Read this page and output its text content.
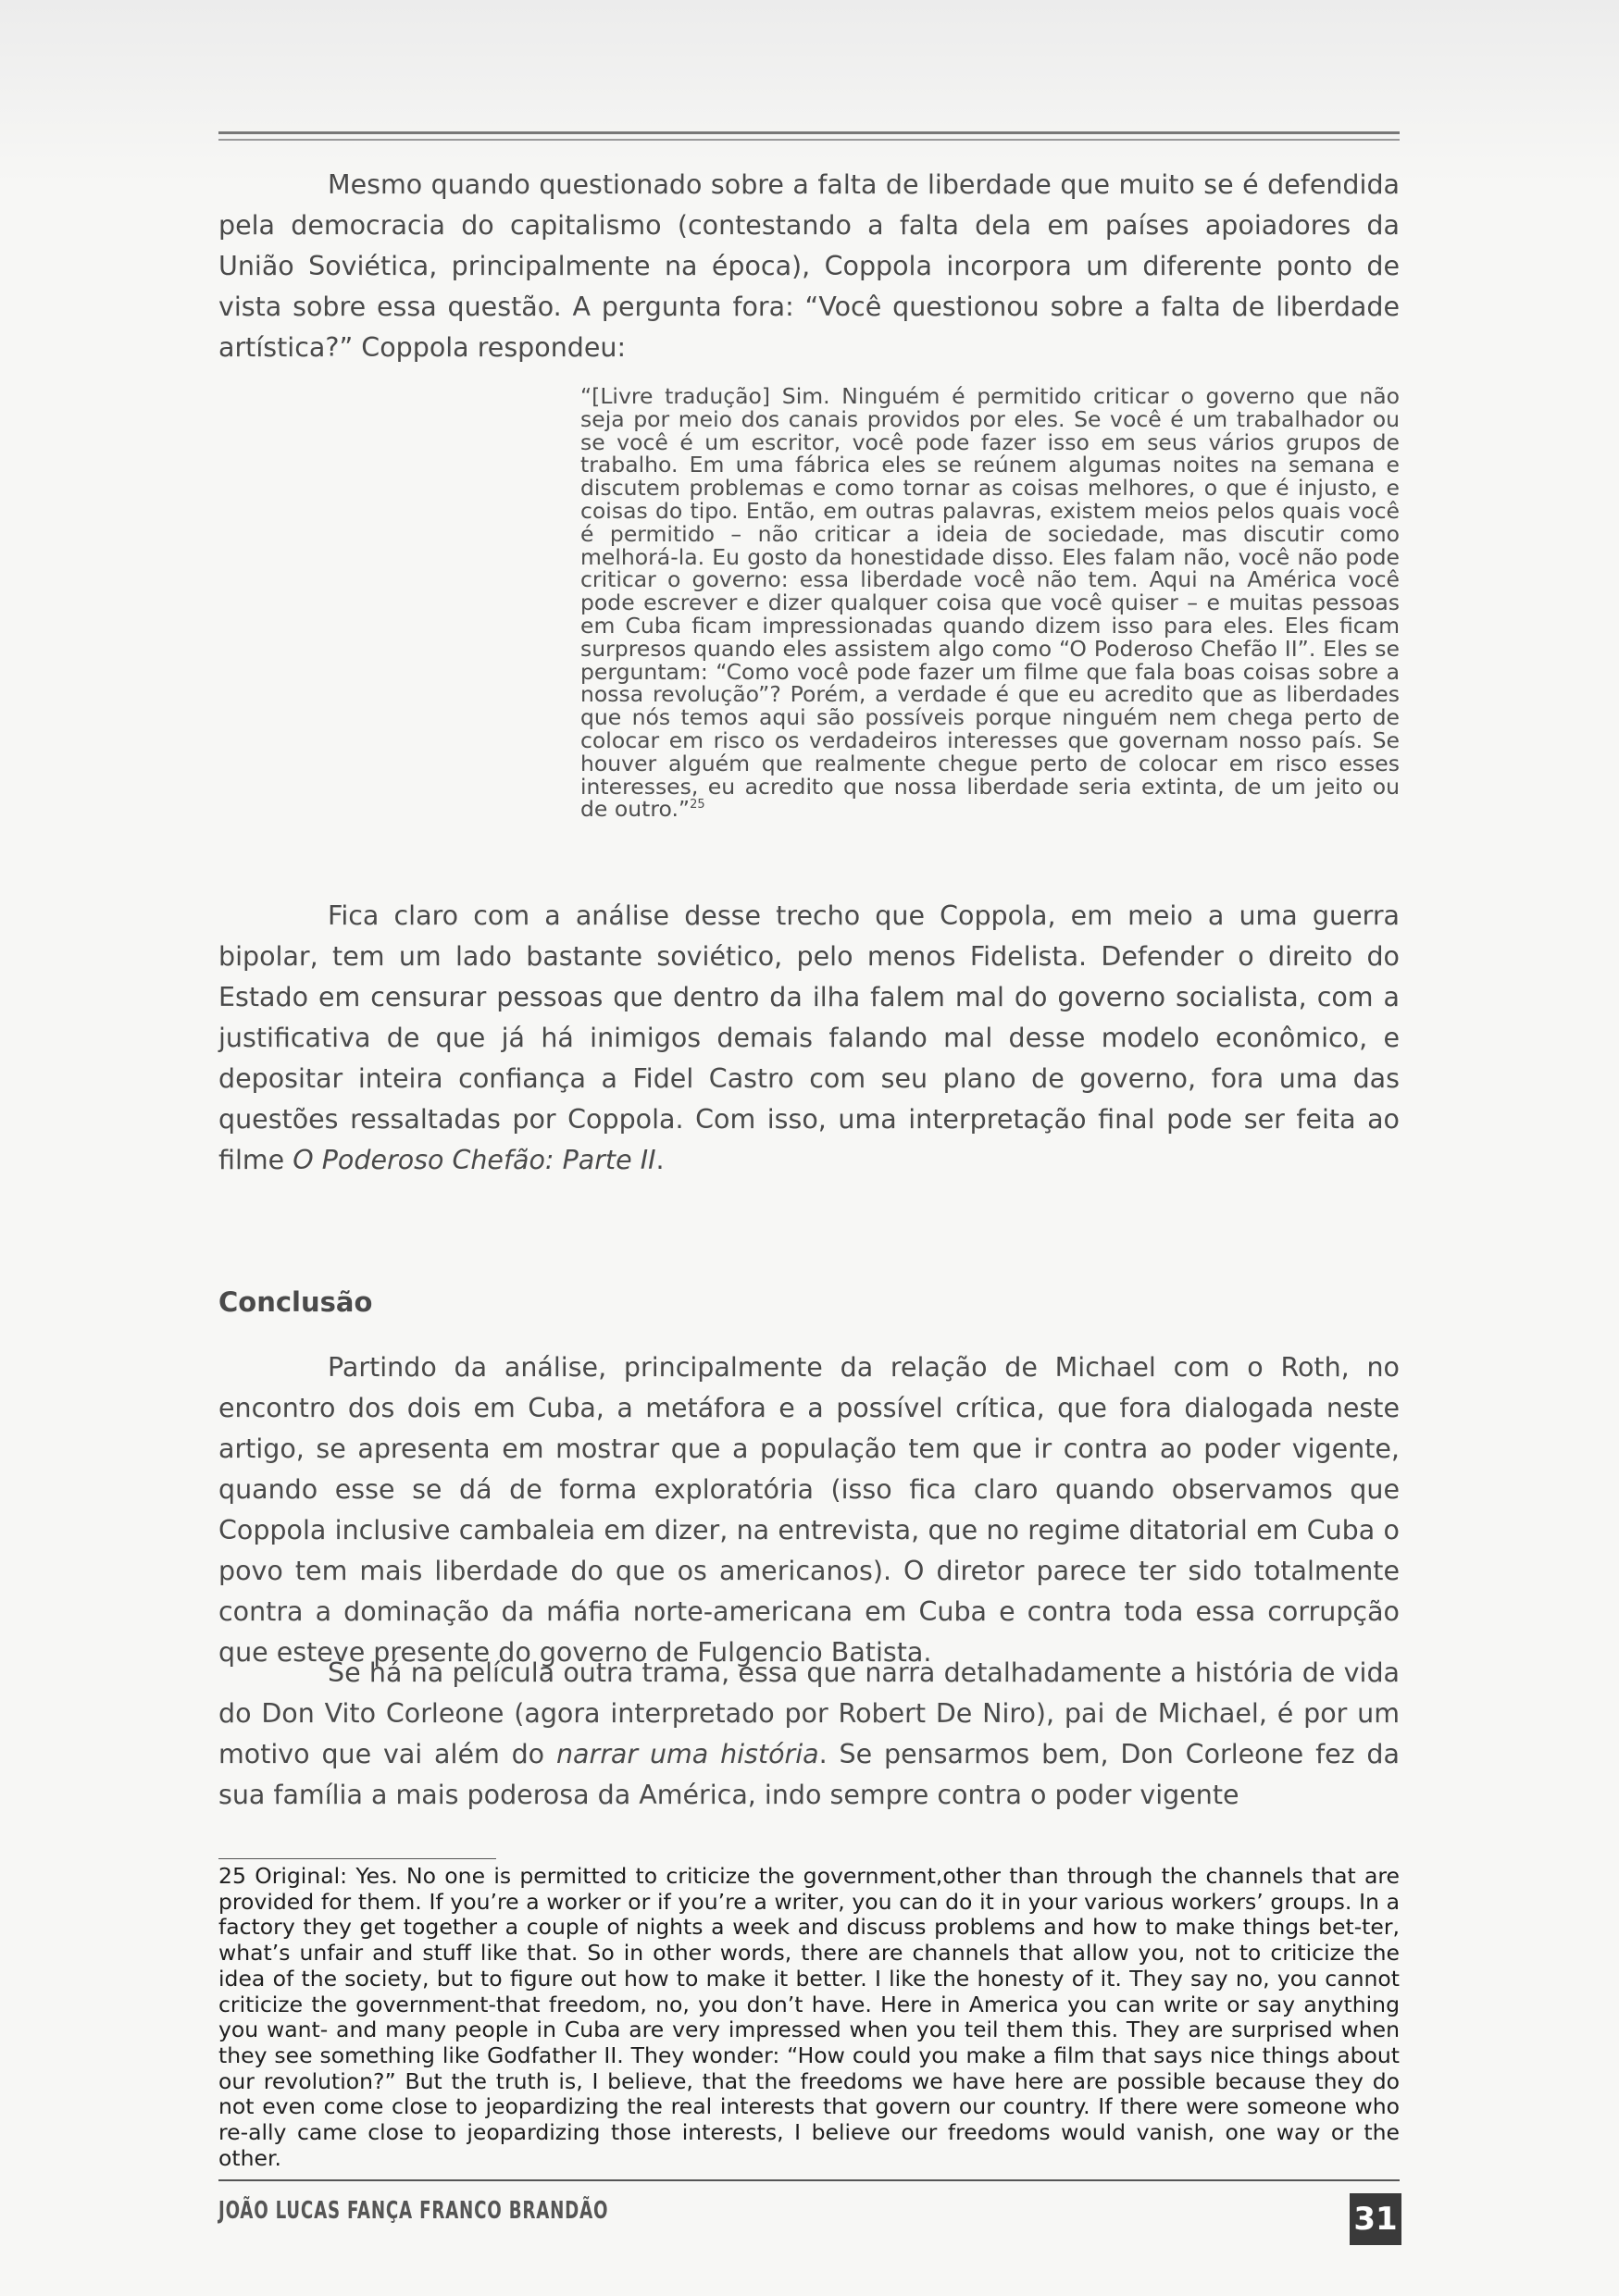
Mesmo quando questionado sobre a falta de liberdade que muito se é defendida pela democracia do capitalismo (contestando a falta dela em países apoiadores da União Soviética, principalmente na época), Coppola incorpora um diferente ponto de vista sobre essa questão. A pergunta fora: “Você questionou sobre a falta de liberdade artística?” Coppola respondeu:

“[Livre tradução] Sim. Ninguém é permitido criticar o governo que não seja por meio dos canais providos por eles. Se você é um trabalhador ou se você é um escritor, você pode fazer isso em seus vários grupos de trabalho. Em uma fábrica eles se reúnem algumas noites na semana e discutem problemas e como tornar as coisas melhores, o que é injusto, e coisas do tipo. Então, em outras palavras, existem meios pelos quais você é permitido – não criticar a ideia de sociedade, mas discutir como melhorá-la. Eu gosto da honestidade disso. Eles falam não, você não pode criticar o governo: essa liberdade você não tem. Aqui na América você pode escrever e dizer qualquer coisa que você quiser – e muitas pessoas em Cuba ficam impressionadas quando dizem isso para eles. Eles ficam surpresos quando eles assistem algo como “O Poderoso Chefão II”. Eles se perguntam: “Como você pode fazer um filme que fala boas coisas sobre a nossa revolução”? Porém, a verdade é que eu acredito que as liberdades que nós temos aqui são possíveis porque ninguém nem chega perto de colocar em risco os verdadeiros interesses que governam nosso país. Se houver alguém que realmente chegue perto de colocar em risco esses interesses, eu acredito que nossa liberdade seria extinta, de um jeito ou de outro.”$^{25}$

Fica claro com a análise desse trecho que Coppola, em meio a uma guerra bipolar, tem um lado bastante soviético, pelo menos Fidelista. Defender o direito do Estado em censurar pessoas que dentro da ilha falem mal do governo socialista, com a justificativa de que já há inimigos demais falando mal desse modelo econômico, e depositar inteira confiança a Fidel Castro com seu plano de governo, fora uma das questões ressaltadas por Coppola. Com isso, uma interpretação final pode ser feita ao filme O Poderoso Chefão: Parte II.

Conclusão

Partindo da análise, principalmente da relação de Michael com o Roth, no encontro dos dois em Cuba, a metáfora e a possível crítica, que fora dialogada neste artigo, se apresenta em mostrar que a população tem que ir contra ao poder vigente, quando esse se dá de forma exploratória (isso fica claro quando observamos que Coppola inclusive cambaleia em dizer, na entrevista, que no regime ditatorial em Cuba o povo tem mais liberdade do que os americanos). O diretor parece ter sido totalmente contra a dominação da máfia norte-americana em Cuba e contra toda essa corrupção que esteve presente do governo de Fulgencio Batista.

Se há na película outra trama, essa que narra detalhadamente a história de vida do Don Vito Corleone (agora interpretado por Robert De Niro), pai de Michael, é por um motivo que vai além do narrar uma história. Se pensarmos bem, Don Corleone fez da sua família a mais poderosa da América, indo sempre contra o poder vigente

25 Original: Yes. No one is permitted to criticize the government,other than through the channels that are provided for them. If you’re a worker or if you’re a writer, you can do it in your various workers’ groups. In a factory they get together a couple of nights a week and discuss problems and how to make things bet-ter, what’s unfair and stuff like that. So in other words, there are channels that allow you, not to criticize the idea of the society, but to figure out how to make it better. I like the honesty of it. They say no, you cannot criticize the government-that freedom, no, you don’t have. Here in America you can write or say anything you want- and many people in Cuba are very impressed when you teil them this. They are surprised when they see something like Godfather II. They wonder: “How could you make a film that says nice things about our revolution?” But the truth is, I believe, that the freedoms we have here are possible because they do not even come close to jeopardizing the real interests that govern our country. If there were someone who re-ally came close to jeopardizing those interests, I believe our freedoms would vanish, one way or the other.
JOÃO LUCAS FANÇA FRANCO BRANDÃO	31
